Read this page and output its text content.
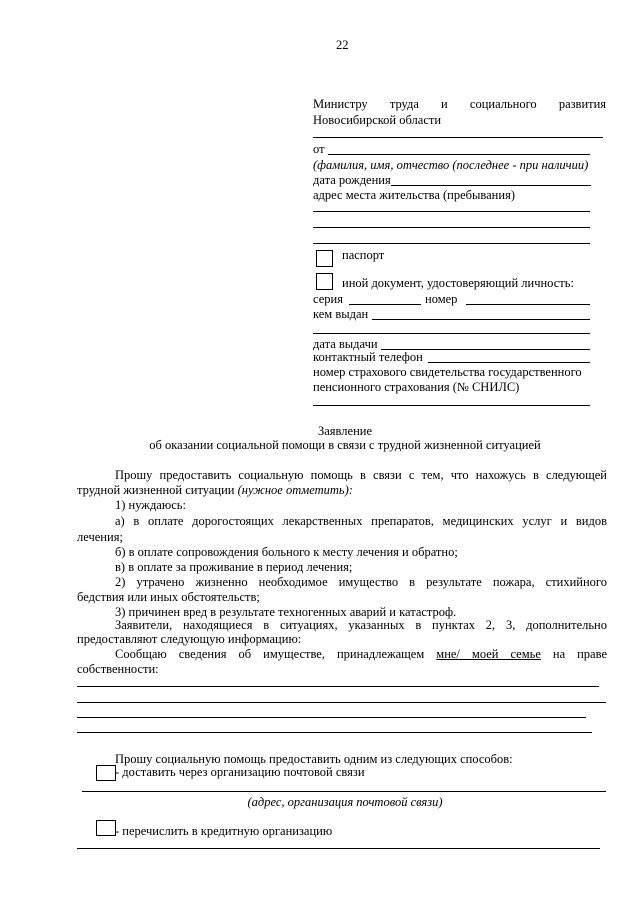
22
Министру труда и социального развития
Новосибирской области
от
(фамилия, имя, отчество (последнее - при наличии)
дата рождения
адрес места жительства (пребывания)
паспорт
иной документ, удостоверяющий личность:
серия	номер
кем выдан
дата выдачи
контактный телефон
номер страхового свидетельства государственного
пенсионного страхования (№ СНИЛС)
Заявление
об оказании социальной помощи в связи с трудной жизненной ситуацией
Прошу предоставить социальную помощь в связи с тем, что нахожусь в следующей
трудной жизненной ситуации (нужное отметить):
1) нуждаюсь:
а) в оплате дорогостоящих лекарственных препаратов, медицинских услуг и видов
лечения;
б) в оплате сопровождения больного к месту лечения и обратно;
в) в оплате за проживание в период лечения;
2) утрачено жизненно необходимое имущество в результате пожара, стихийного
бедствия или иных обстоятельств;
3) причинен вред в результате техногенных аварий и катастроф.
Заявители, находящиеся в ситуациях, указанных в пунктах 2, 3, дополнительно
предоставляют следующую информацию:
Сообщаю сведения об имуществе, принадлежащем мне/ моей семье на праве
собственности:
Прошу социальную помощь предоставить одним из следующих способов:
- доставить через организацию почтовой связи
(адрес, организация почтовой связи)
- перечислить в кредитную организацию
